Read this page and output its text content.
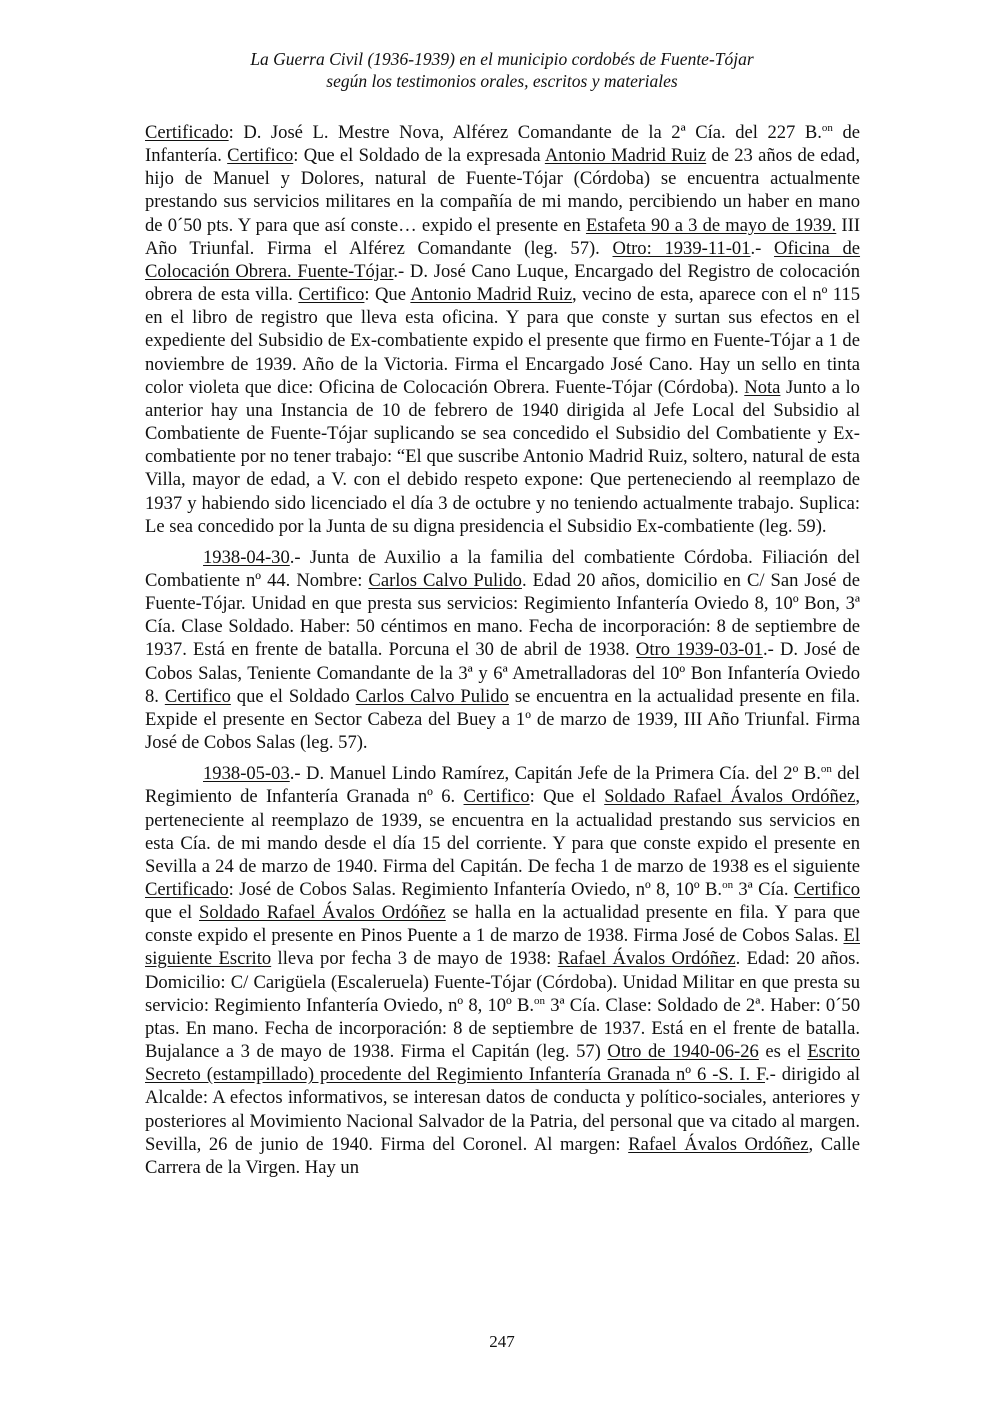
La Guerra Civil (1936-1939) en el municipio cordobés de Fuente-Tójar
según los testimonios orales, escritos y materiales

Certificado: D. José L. Mestre Nova, Alférez Comandante de la 2ª Cía. del 227 B.$^{on}$ de Infantería. Certifico: Que el Soldado de la expresada Antonio Madrid Ruiz de 23 años de edad, hijo de Manuel y Dolores, natural de Fuente-Tójar (Córdoba) se encuentra actualmente prestando sus servicios militares en la compañía de mi mando, percibiendo un haber en mano de 0´50 pts. Y para que así conste… expido el presente en Estafeta 90 a 3 de mayo de 1939. III Año Triunfal. Firma el Alférez Comandante (leg. 57). Otro: 1939-11-01.- Oficina de Colocación Obrera. Fuente-Tójar.- D. José Cano Luque, Encargado del Registro de colocación obrera de esta villa. Certifico: Que Antonio Madrid Ruiz, vecino de esta, aparece con el nº 115 en el libro de registro que lleva esta oficina. Y para que conste y surtan sus efectos en el expediente del Subsidio de Ex-combatiente expido el presente que firmo en Fuente-Tójar a 1 de noviembre de 1939. Año de la Victoria. Firma el Encargado José Cano. Hay un sello en tinta color violeta que dice: Oficina de Colocación Obrera. Fuente-Tójar (Córdoba). Nota Junto a lo anterior hay una Instancia de 10 de febrero de 1940 dirigida al Jefe Local del Subsidio al Combatiente de Fuente-Tójar suplicando se sea concedido el Subsidio del Combatiente y Ex-combatiente por no tener trabajo: “El que suscribe Antonio Madrid Ruiz, soltero, natural de esta Villa, mayor de edad, a V. con el debido respeto expone: Que perteneciendo al reemplazo de 1937 y habiendo sido licenciado el día 3 de octubre y no teniendo actualmente trabajo. Suplica: Le sea concedido por la Junta de su digna presidencia el Subsidio Ex-combatiente (leg. 59).

1938-04-30.- Junta de Auxilio a la familia del combatiente Córdoba. Filiación del Combatiente nº 44. Nombre: Carlos Calvo Pulido. Edad 20 años, domicilio en C/ San José de Fuente-Tójar. Unidad en que presta sus servicios: Regimiento Infantería Oviedo 8, 10º Bon, 3ª Cía. Clase Soldado. Haber: 50 céntimos en mano. Fecha de incorporación: 8 de septiembre de 1937. Está en frente de batalla. Porcuna el 30 de abril de 1938. Otro 1939-03-01.- D. José de Cobos Salas, Teniente Comandante de la 3ª y 6ª Ametralladoras del 10º Bon Infantería Oviedo 8. Certifico que el Soldado Carlos Calvo Pulido se encuentra en la actualidad presente en fila. Expide el presente en Sector Cabeza del Buey a 1º de marzo de 1939, III Año Triunfal. Firma José de Cobos Salas (leg. 57).

1938-05-03.- D. Manuel Lindo Ramírez, Capitán Jefe de la Primera Cía. del 2º B.$^{on}$ del Regimiento de Infantería Granada nº 6. Certifico: Que el Soldado Rafael Ávalos Ordóñez, perteneciente al reemplazo de 1939, se encuentra en la actualidad prestando sus servicios en esta Cía. de mi mando desde el día 15 del corriente. Y para que conste expido el presente en Sevilla a 24 de marzo de 1940. Firma del Capitán. De fecha 1 de marzo de 1938 es el siguiente Certificado: José de Cobos Salas. Regimiento Infantería Oviedo, nº 8, 10º B.$^{on}$ 3ª Cía. Certifico que el Soldado Rafael Ávalos Ordóñez se halla en la actualidad presente en fila. Y para que conste expido el presente en Pinos Puente a 1 de marzo de 1938. Firma José de Cobos Salas. El siguiente Escrito lleva por fecha 3 de mayo de 1938: Rafael Ávalos Ordóñez. Edad: 20 años. Domicilio: C/ Carigüela (Escaleruela) Fuente-Tójar (Córdoba). Unidad Militar en que presta su servicio: Regimiento Infantería Oviedo, nº 8, 10º B.$^{on}$ 3ª Cía. Clase: Soldado de 2ª. Haber: 0´50 ptas. En mano. Fecha de incorporación: 8 de septiembre de 1937. Está en el frente de batalla. Bujalance a 3 de mayo de 1938. Firma el Capitán (leg. 57) Otro de 1940-06-26 es el Escrito Secreto (estampillado) procedente del Regimiento Infantería Granada nº 6 -S. I. F.- dirigido al Alcalde: A efectos informativos, se interesan datos de conducta y político-sociales, anteriores y posteriores al Movimiento Nacional Salvador de la Patria, del personal que va citado al margen. Sevilla, 26 de junio de 1940. Firma del Coronel. Al margen: Rafael Ávalos Ordóñez, Calle Carrera de la Virgen. Hay un

247
